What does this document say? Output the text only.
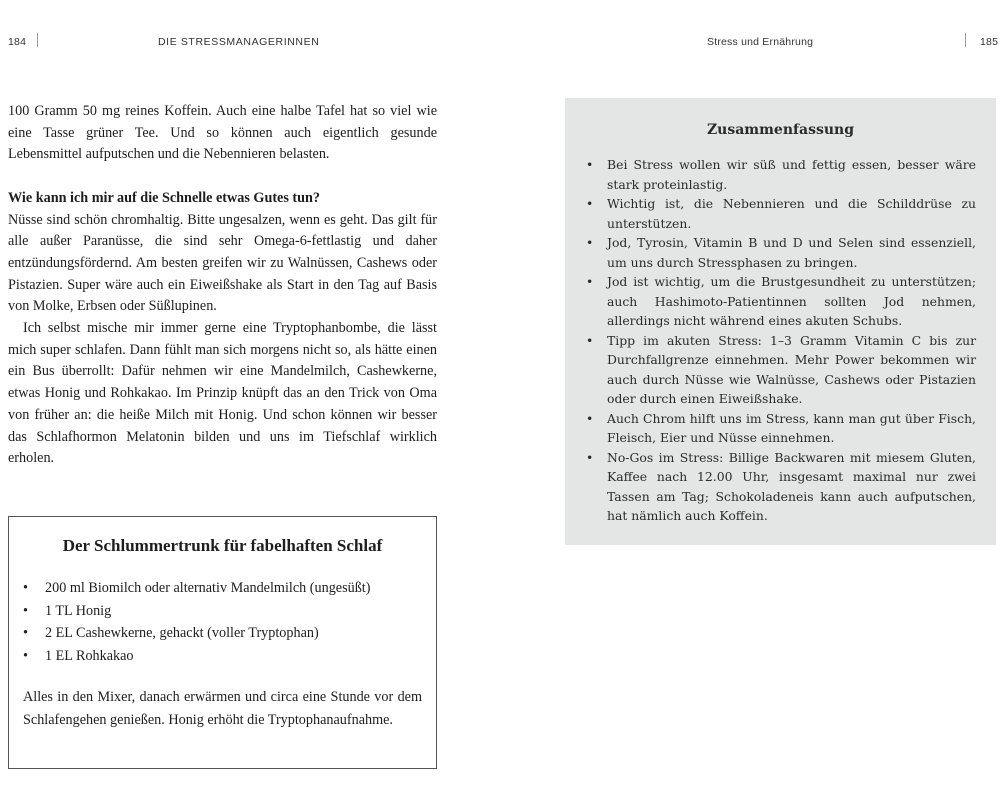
184	DIE STRESSMANAGERINNEN	Stress und Ernährung	185

100 Gramm 50 mg reines Koffein. Auch eine halbe Tafel hat so viel wie eine Tasse grüner Tee. Und so können auch eigentlich gesunde Lebensmittel aufputschen und die Nebennieren belasten.

Wie kann ich mir auf die Schnelle etwas Gutes tun?

Nüsse sind schön chromhaltig. Bitte ungesalzen, wenn es geht. Das gilt für alle außer Paranüsse, die sind sehr Omega-6-fettlastig und daher entzündungsfördernd. Am besten greifen wir zu Walnüssen, Cashews oder Pistazien. Super wäre auch ein Eiweißshake als Start in den Tag auf Basis von Molke, Erbsen oder Süßlupinen.

Ich selbst mische mir immer gerne eine Tryptophanbombe, die lässt mich super schlafen. Dann fühlt man sich morgens nicht so, als hätte einen ein Bus überrollt: Dafür nehmen wir eine Mandelmilch, Cashewkerne, etwas Honig und Rohkakao. Im Prinzip knüpft das an den Trick von Oma von früher an: die heiße Milch mit Honig. Und schon können wir besser das Schlafhormon Melatonin bilden und uns im Tiefschlaf wirklich erholen.

Der Schlummertrunk für fabelhaften Schlaf
• 200 ml Biomilch oder alternativ Mandelmilch (ungesüßt)
• 1 TL Honig
• 2 EL Cashewkerne, gehackt (voller Tryptophan)
• 1 EL Rohkakao

Alles in den Mixer, danach erwärmen und circa eine Stunde vor dem Schlafengehen genießen. Honig erhöht die Tryptophanaufnahme.

Zusammenfassung
• Bei Stress wollen wir süß und fettig essen, besser wäre stark proteinlastig.
• Wichtig ist, die Nebennieren und die Schilddrüse zu unterstützen.
• Jod, Tyrosin, Vitamin B und D und Selen sind essenziell, um uns durch Stressphasen zu bringen.
• Jod ist wichtig, um die Brustgesundheit zu unterstützen; auch Hashimoto-Patientinnen sollten Jod nehmen, allerdings nicht während eines akuten Schubs.
• Tipp im akuten Stress: 1–3 Gramm Vitamin C bis zur Durchfallgrenze einnehmen. Mehr Power bekommen wir auch durch Nüsse wie Walnüsse, Cashews oder Pistazien oder durch einen Eiweißshake.
• Auch Chrom hilft uns im Stress, kann man gut über Fisch, Fleisch, Eier und Nüsse einnehmen.
• No-Gos im Stress: Billige Backwaren mit miesem Gluten, Kaffee nach 12.00 Uhr, insgesamt maximal nur zwei Tassen am Tag; Schokoladeneis kann auch aufputschen, hat nämlich auch Koffein.
